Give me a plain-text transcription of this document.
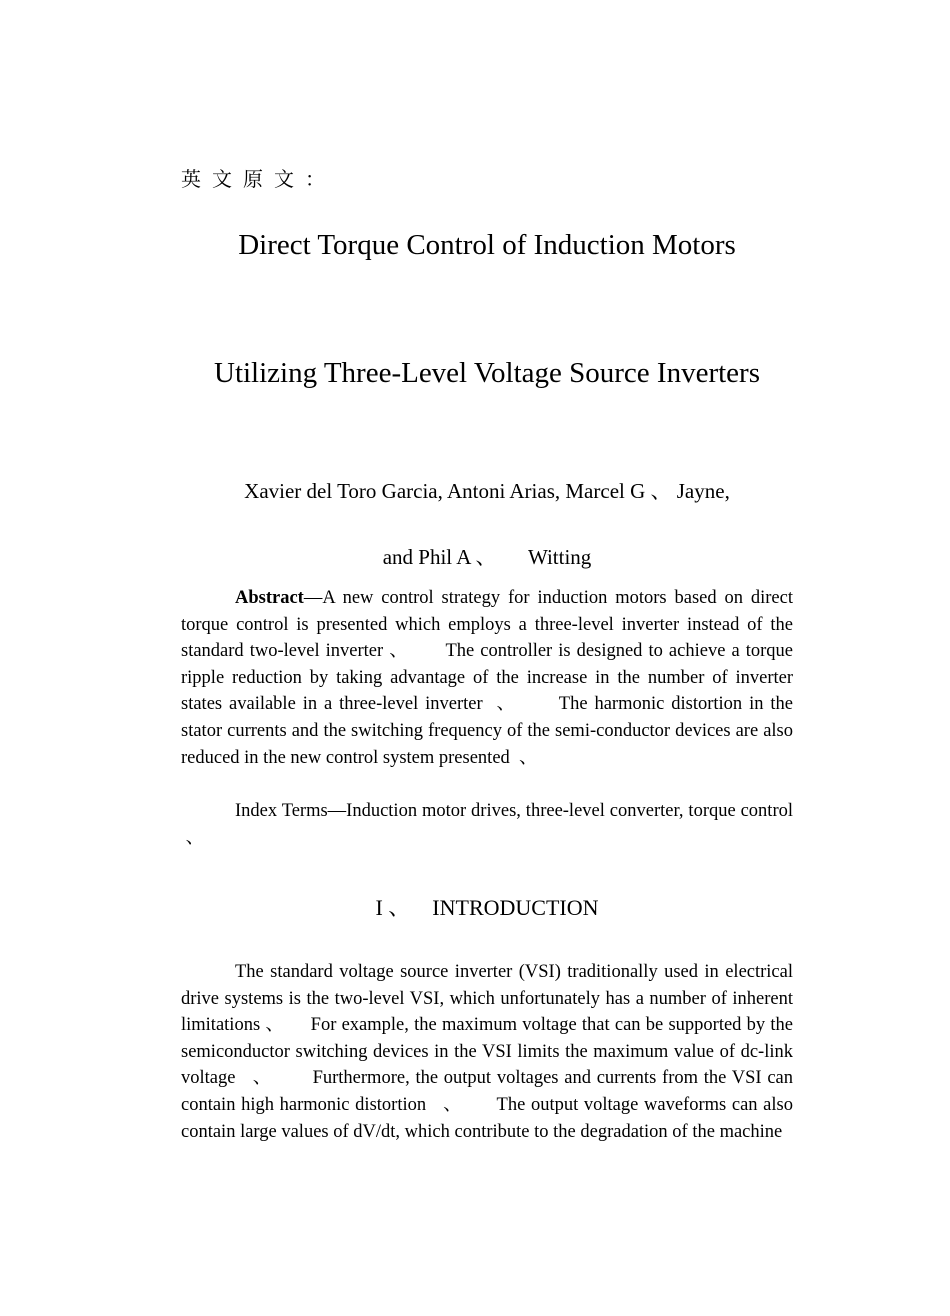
英文原文：
Direct Torque Control of Induction Motors
Utilizing Three-Level Voltage Source Inverters
Xavier del Toro Garcia, Antoni Arias, Marcel G 、 Jayne,
and Phil A 、      Witting
Abstract—A new control strategy for induction motors based on direct torque control is presented which employs a three-level inverter instead of the standard two-level inverter 、      The controller is designed to achieve a torque ripple reduction by taking advantage of the increase in the number of inverter states available in a three-level inverter  、      The harmonic distortion in the stator currents and the switching frequency of the semi-conductor devices are also reduced in the new control system presented  、
Index Terms—Induction motor drives, three-level converter, torque control  、
I 、    INTRODUCTION
The standard voltage source inverter (VSI) traditionally used in electrical drive systems is the two-level VSI, which unfortunately has a number of inherent limitations 、     For example, the maximum voltage that can be supported by the semiconductor switching devices in the VSI limits the maximum value of dc-link voltage   、       Furthermore, the output voltages and currents from the VSI can contain high harmonic distortion   、      The output voltage waveforms can also contain large values of dV/dt, which contribute to the degradation of the machine
